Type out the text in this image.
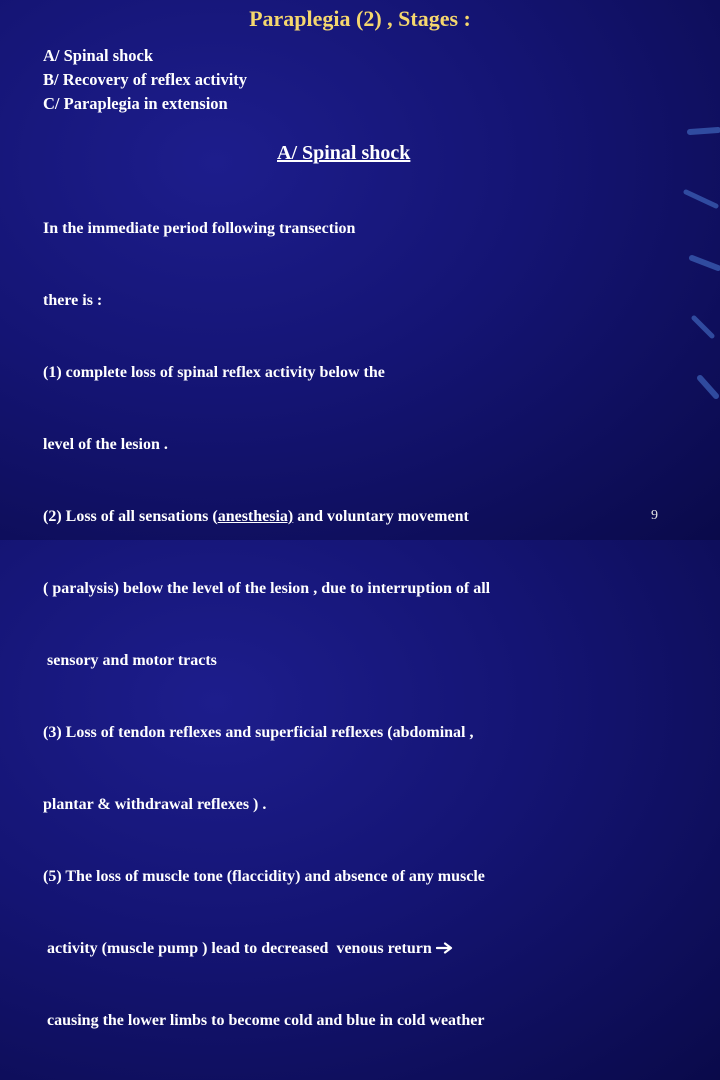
Paraplegia (2) , Stages :
A/ Spinal shock
B/ Recovery of reflex activity
C/ Paraplegia in extension
A/ Spinal shock

In the immediate period following transection

there is :

(1) complete loss of spinal reflex activity below the

level of the lesion .

(2) Loss of all sensations (anesthesia) and voluntary movement

( paralysis) below the level of the lesion , due to interruption of all

sensory and motor tracts

(3) Loss of tendon reflexes and superficial reflexes (abdominal ,

plantar & withdrawal reflexes ) .

(5) The loss of muscle tone (flaccidity) and absence of any muscle

activity (muscle pump ) lead to decreased  venous return

causing the lower limbs to become cold and blue in cold weather

9
